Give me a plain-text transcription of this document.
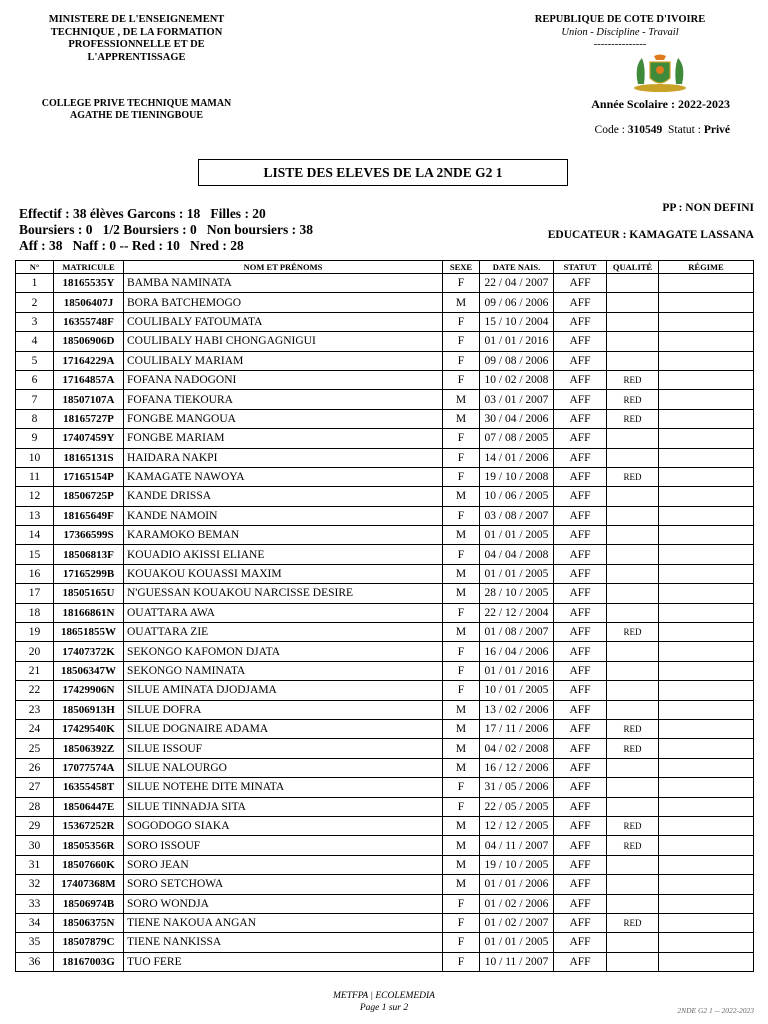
MINISTERE DE L'ENSEIGNEMENT
TECHNIQUE , DE LA FORMATION
PROFESSIONNELLE ET DE
L'APPRENTISSAGE
COLLEGE PRIVE TECHNIQUE MAMAN
AGATHE DE TIENINGBOUE
REPUBLIQUE DE COTE D'IVOIRE
Union - Discipline - Travail
---------------
Année Scolaire : 2022-2023
Code : 310549 Statut : Privé
LISTE DES ELEVES DE LA 2NDE G2 1
Effectif : 38 élèves Garcons : 18   Filles : 20
Boursiers : 0   1/2 Boursiers : 0   Non boursiers : 38
Aff : 38   Naff : 0 -- Red : 10   Nred : 28
PP : NON DEFINI
EDUCATEUR : KAMAGATE LASSANA
N°	MATRICULE	NOM ET PRÉNOMS	SEXE	DATE NAIS.	STATUT	QUALITÉ	RÉGIME
1	18165535Y	BAMBA NAMINATA	F	22 / 04 / 2007	AFF		
2	18506407J	BORA BATCHEMOGO	M	09 / 06 / 2006	AFF		
3	16355748F	COULIBALY FATOUMATA	F	15 / 10 / 2004	AFF		
4	18506906D	COULIBALY HABI CHONGAGNIGUI	F	01 / 01 / 2016	AFF		
5	17164229A	COULIBALY MARIAM	F	09 / 08 / 2006	AFF		
6	17164857A	FOFANA NADOGONI	F	10 / 02 / 2008	AFF	RED	
7	18507107A	FOFANA TIEKOURA	M	03 / 01 / 2007	AFF	RED	
8	18165727P	FONGBE MANGOUA	M	30 / 04 / 2006	AFF	RED	
9	17407459Y	FONGBE MARIAM	F	07 / 08 / 2005	AFF		
10	18165131S	HAIDARA NAKPI	F	14 / 01 / 2006	AFF		
11	17165154P	KAMAGATE NAWOYA	F	19 / 10 / 2008	AFF	RED	
12	18506725P	KANDE DRISSA	M	10 / 06 / 2005	AFF		
13	18165649F	KANDE NAMOIN	F	03 / 08 / 2007	AFF		
14	17366599S	KARAMOKO BEMAN	M	01 / 01 / 2005	AFF		
15	18506813F	KOUADIO AKISSI ELIANE	F	04 / 04 / 2008	AFF		
16	17165299B	KOUAKOU KOUASSI MAXIM	M	01 / 01 / 2005	AFF		
17	18505165U	N'GUESSAN KOUAKOU NARCISSE DESIRE	M	28 / 10 / 2005	AFF		
18	18166861N	OUATTARA AWA	F	22 / 12 / 2004	AFF		
19	18651855W	OUATTARA ZIE	M	01 / 08 / 2007	AFF	RED	
20	17407372K	SEKONGO KAFOMON DJATA	F	16 / 04 / 2006	AFF		
21	18506347W	SEKONGO NAMINATA	F	01 / 01 / 2016	AFF		
22	17429906N	SILUE AMINATA DJODJAMA	F	10 / 01 / 2005	AFF		
23	18506913H	SILUE DOFRA	M	13 / 02 / 2006	AFF		
24	17429540K	SILUE DOGNAIRE ADAMA	M	17 / 11 / 2006	AFF	RED	
25	18506392Z	SILUE ISSOUF	M	04 / 02 / 2008	AFF	RED	
26	17077574A	SILUE NALOURGO	M	16 / 12 / 2006	AFF		
27	16355458T	SILUE NOTEHE DITE MINATA	F	31 / 05 / 2006	AFF		
28	18506447E	SILUE TINNADJA SITA	F	22 / 05 / 2005	AFF		
29	15367252R	SOGODOGO SIAKA	M	12 / 12 / 2005	AFF	RED	
30	18505356R	SORO ISSOUF	M	04 / 11 / 2007	AFF	RED	
31	18507660K	SORO JEAN	M	19 / 10 / 2005	AFF		
32	17407368M	SORO SETCHOWA	M	01 / 01 / 2006	AFF		
33	18506974B	SORO WONDJA	F	01 / 02 / 2006	AFF		
34	18506375N	TIENE NAKOUA ANGAN	F	01 / 02 / 2007	AFF	RED	
35	18507879C	TIENE NANKISSA	F	01 / 01 / 2005	AFF		
36	18167003G	TUO FERE	F	10 / 11 / 2007	AFF		
METFPA | ECOLEMEDIA
Page 1 sur 2	2NDE G2 1 -- 2022-2023
